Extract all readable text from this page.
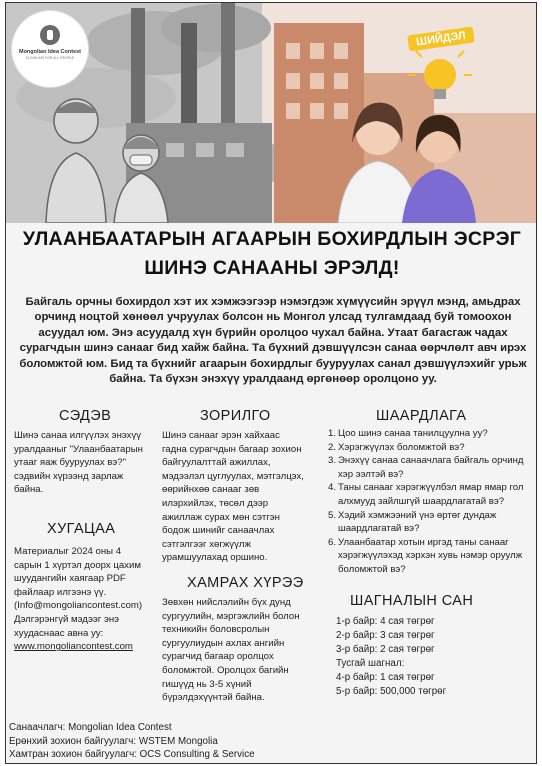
Mongolian Idea Contest
CLEAN AIR FOR ALL PEOPLE
ШИЙДЭЛ
УЛААНБААТАРЫН АГААРЫН БОХИРДЛЫН ЭСРЭГ
ШИНЭ САНААНЫ ЭРЭЛД!
Байгаль орчны бохирдол хэт их хэмжээгээр нэмэгдэж хүмүүсийн эрүүл мэнд, амьдрах орчинд ноцтой хөнөөл учруулах болсон нь Монгол улсад тулгамдаад буй томоохон асуудал юм. Энэ асуудалд хүн бүрийн оролцоо чухал байна. Утаат багасгаж чадах сурагчдын шинэ санааг бид хайж байна. Та бүхний дэвшүүлсэн санаа өөрчлөлт авч ирэх боломжтой юм. Бид та бүхнийг агаарын бохирдлыг бууруулах санал дэвшүүлэхийг урьж байна. Та бүхэн энэхүү уралдаанд өргөнөөр оролцоно уу.
СЭДЭВ
Шинэ санаа илгүүлэх энэхүү
уралдааныг "Улаанбаатарын
утааг яаж бууруулах вэ?"
сэдвийн хүрээнд зарлаж
байна.
ХУГАЦАА
Материалыг 2024 оны 4
сарын 1 хүртэл доорх цахим
шуудангийн хаягаар PDF
файлаар илгээнэ үү.
(Info@mongoliancontest.com)
Дэлгэрэнгүй мэдээг энэ
хуудаснаас авна уу:
www.mongoliancontest.com
ЗОРИЛГО
Шинэ санааг эрэн хайхаас
гадна сурагчдын багаар зохион
байгуулалттай ажиллах,
мэдээлэл цуглуулах, мэтгэлцэх,
өөрийнхөө санааг зөв
илэрхийлэх, төсөл дээр
ажиллаж сурах мөн сэтгэн
бодож шинийг санаачлах
сэтгэлгээг хөгжүүлж
урамшуулахад оршино.
ХАМРАХ ХҮРЭЭ
Зөвхөн нийслэлийн бүх дунд
сургуулийн, мэргэжлийн болон
техникийн боловсролын
сургуулиудын ахлах ангийн
сурагчид багаар оролцох
боломжтой. Оролцох багийн
гишүүд нь 3-5 хүний
бүрэлдэхүүнтэй байна.
ШААРДЛАГА
1. Цоо шинэ санаа танилцуулна уу?
2. Хэрэгжүүлэх боломжтой вэ?
3. Энэхүү санаа санаачлага байгаль орчинд
хэр ээлтэй вэ?
4. Таны санааг хэрэгжүүлбэл ямар ямар гол
алхмууд зайлшгүй шаардлагатай вэ?
5. Хэдий хэмжээний үнэ өртөг дундаж
шаардлагатай вэ?
6. Улаанбаатар хотын иргэд таны санааг
хэрэгжүүлэхэд хэрхэн хувь нэмэр оруулж
боломжтой вэ?
ШАГНАЛЫН САН
1-р байр: 4 сая төгрөг
2-р байр: 3 сая төгрөг
3-р байр: 2 сая төгрөг
Тусгай шагнал:
4-р байр: 1 сая төгрөг
5-р байр: 500,000 төгрөг
Санаачлагч: Mongolian Idea Contest
Ерөнхий зохион байгуулагч: WSTEM Mongolia
Хамтран зохион байгуулагч: OCS Consulting & Service
